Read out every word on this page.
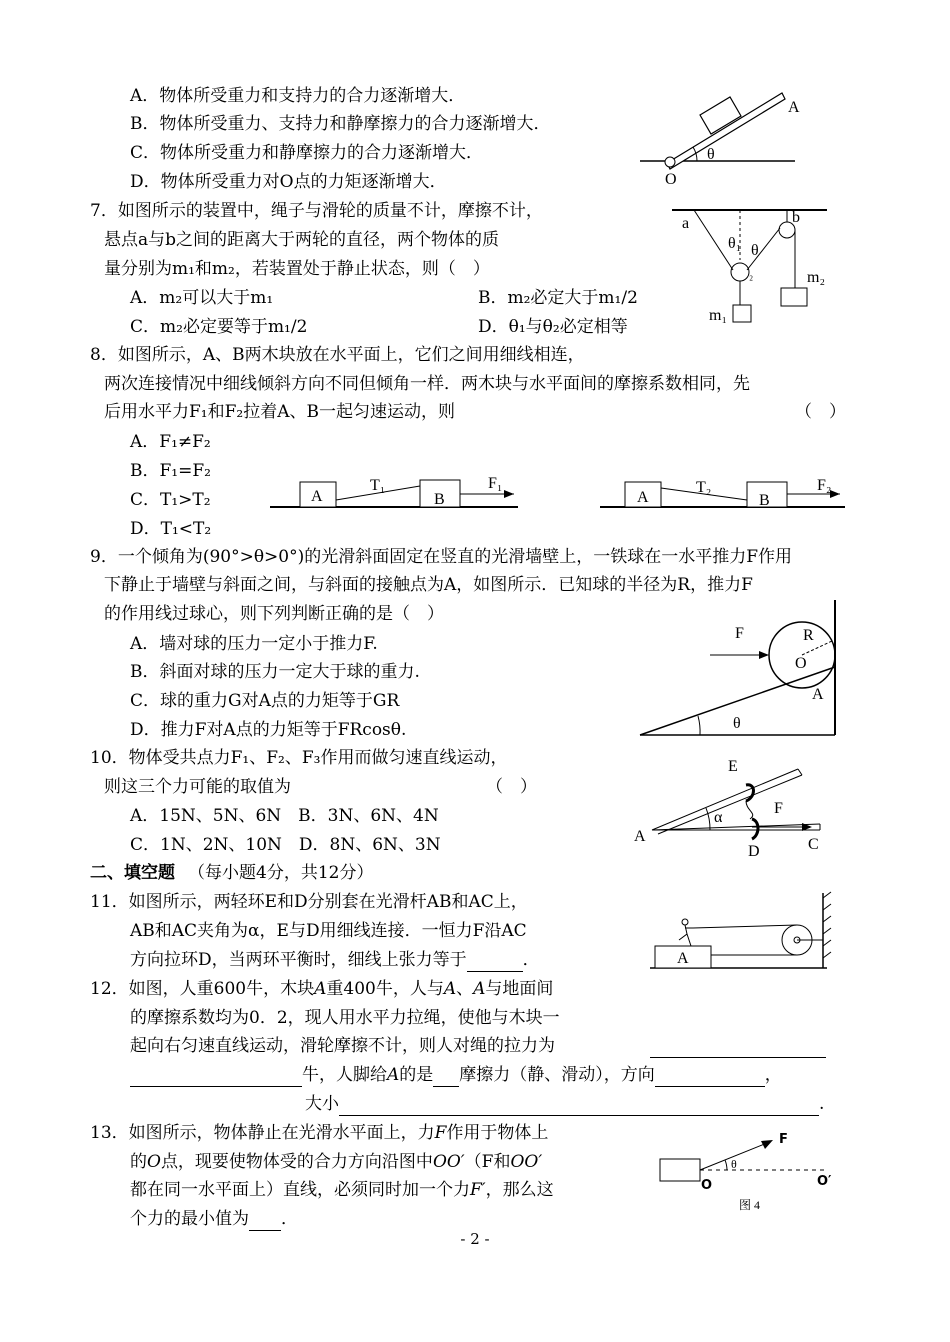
A．物体所受重力和支持力的合力逐渐增大．
B．物体所受重力、支持力和静摩擦力的合力逐渐增大．
C．物体所受重力和静摩擦力的合力逐渐增大．
D．物体所受重力对O点的力矩逐渐增大．
A
θ
O
7．如图所示的装置中，绳子与滑轮的质量不计，摩擦不计，
悬点a与b之间的距离大于两轮的直径，两个物体的质
量分别为m₁和m₂，若装置处于静止状态，则（　）
A．m₂可以大于m₁	B．m₂必定大于m₁/2
C．m₂必定要等于m₁/2	D．θ₁与θ₂必定相等
a	b
θ₁ θ
₂	m₂
m₁
8．如图所示，A、B两木块放在水平面上，它们之间用细线相连，
两次连接情况中细线倾斜方向不同但倾角一样．两木块与水平面间的摩擦系数相同，先
后用水平力F₁和F₂拉着A、B一起匀速运动，则	（　）
A．F₁≠F₂
B．F₁=F₂
C．T₁>T₂
D．T₁<T₂
A	B
T₁	F₁
A	B
T₂	F₂
9．一个倾角为(90°>θ>0°)的光滑斜面固定在竖直的光滑墙壁上，一铁球在一水平推力F作用
下静止于墙壁与斜面之间，与斜面的接触点为A，如图所示．已知球的半径为R，推力F
的作用线过球心，则下列判断正确的是（　）
A．墙对球的压力一定小于推力F.
B．斜面对球的压力一定大于球的重力.
C．球的重力G对A点的力矩等于GR
D．推力F对A点的力矩等于FRcosθ.
F	R
O
A
θ
10．物体受共点力F₁、F₂、F₃作用而做匀速直线运动，
则这三个力可能的取值为	（　）
A．15N、5N、6N　B．3N、6N、4N
C．1N、2N、10N　D．8N、6N、3N
E
F
α
A
D	C
二、填空题 （每小题4分，共12分）
11．如图所示，两轻环E和D分别套在光滑杆AB和AC上，
AB和AC夹角为α，E与D用细线连接．一恒力F沿AC
方向拉环D，当两环平衡时，细线上张力等于	．	A
12．如图，人重600牛，木块A重400牛，人与A、A与地面间
的摩擦系数均为0．2，现人用水平力拉绳，使他与木块一
起向右匀速直线运动，滑轮摩擦不计，则人对绳的拉力为
牛，人脚给A的是 摩擦力（静、滑动），方向	，
大小	.
13．如图所示，物体静止在光滑水平面上，力F作用于物体上
的O点，现要使物体受的合力方向沿图中OO′（F和OO′
都在同一水平面上）直线，必须同时加一个力F′，那么这
个力的最小值为 ．
F
θ
O	O′
图 4
- 2 -
